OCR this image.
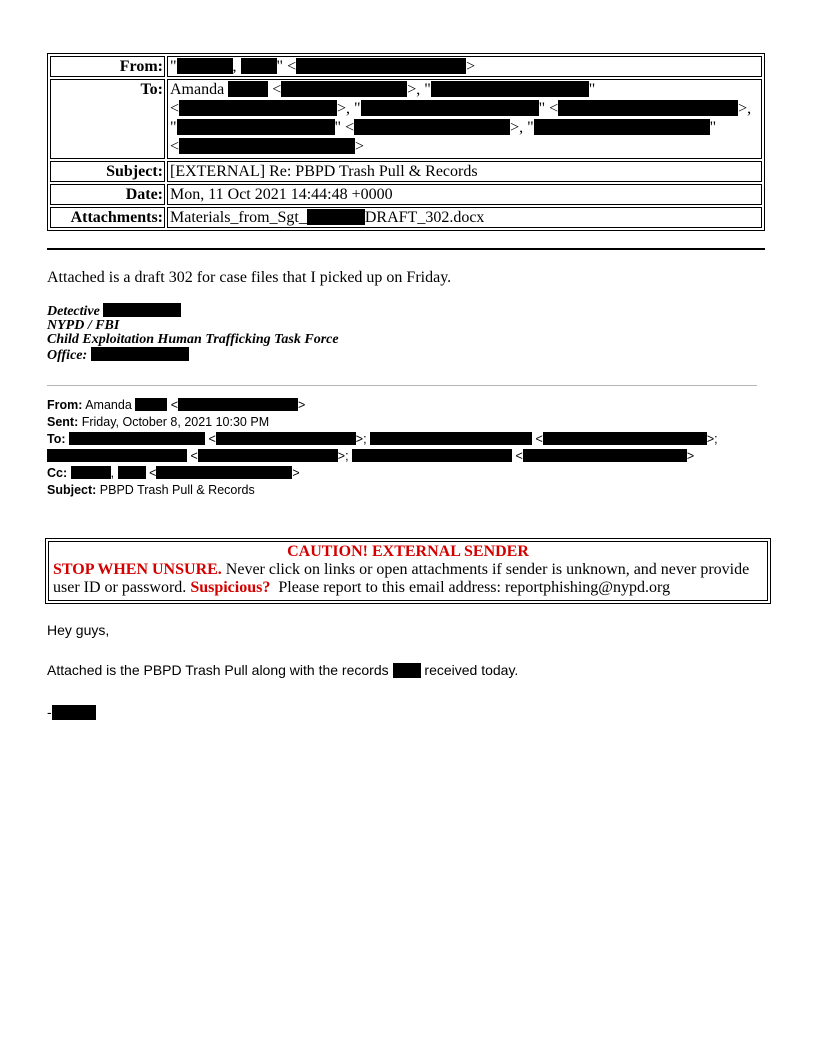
From: "	, " <	>
To: Amanda	<	>, "	"
<	>, "	" <	>,
"	" <	>, "	"
<	>
Subject: [EXTERNAL] Re: PBPD Trash Pull & Records
Date: Mon, 11 Oct 2021 14:44:48 +0000
Attachments: Materials_from_Sgt_	DRAFT_302.docx
Attached is a draft 302 for case files that I picked up on Friday.
Detective
NYPD / FBI
Child Exploitation Human Trafficking Task Force
Office:
From: Amanda	<	>
Sent: Friday, October 8, 2021 10:30 PM
To:	<	>;	<	>;
<	>;	<	>
Cc:	,  <	>
Subject: PBPD Trash Pull & Records
CAUTION! EXTERNAL SENDER
STOP WHEN UNSURE. Never click on links or open attachments if sender is unknown, and never provide
user ID or password. Suspicious?  Please report to this email address: reportphishing@nypd.org

Hey guys,

Attached is the PBPD Trash Pull along with the records	received today.

-
